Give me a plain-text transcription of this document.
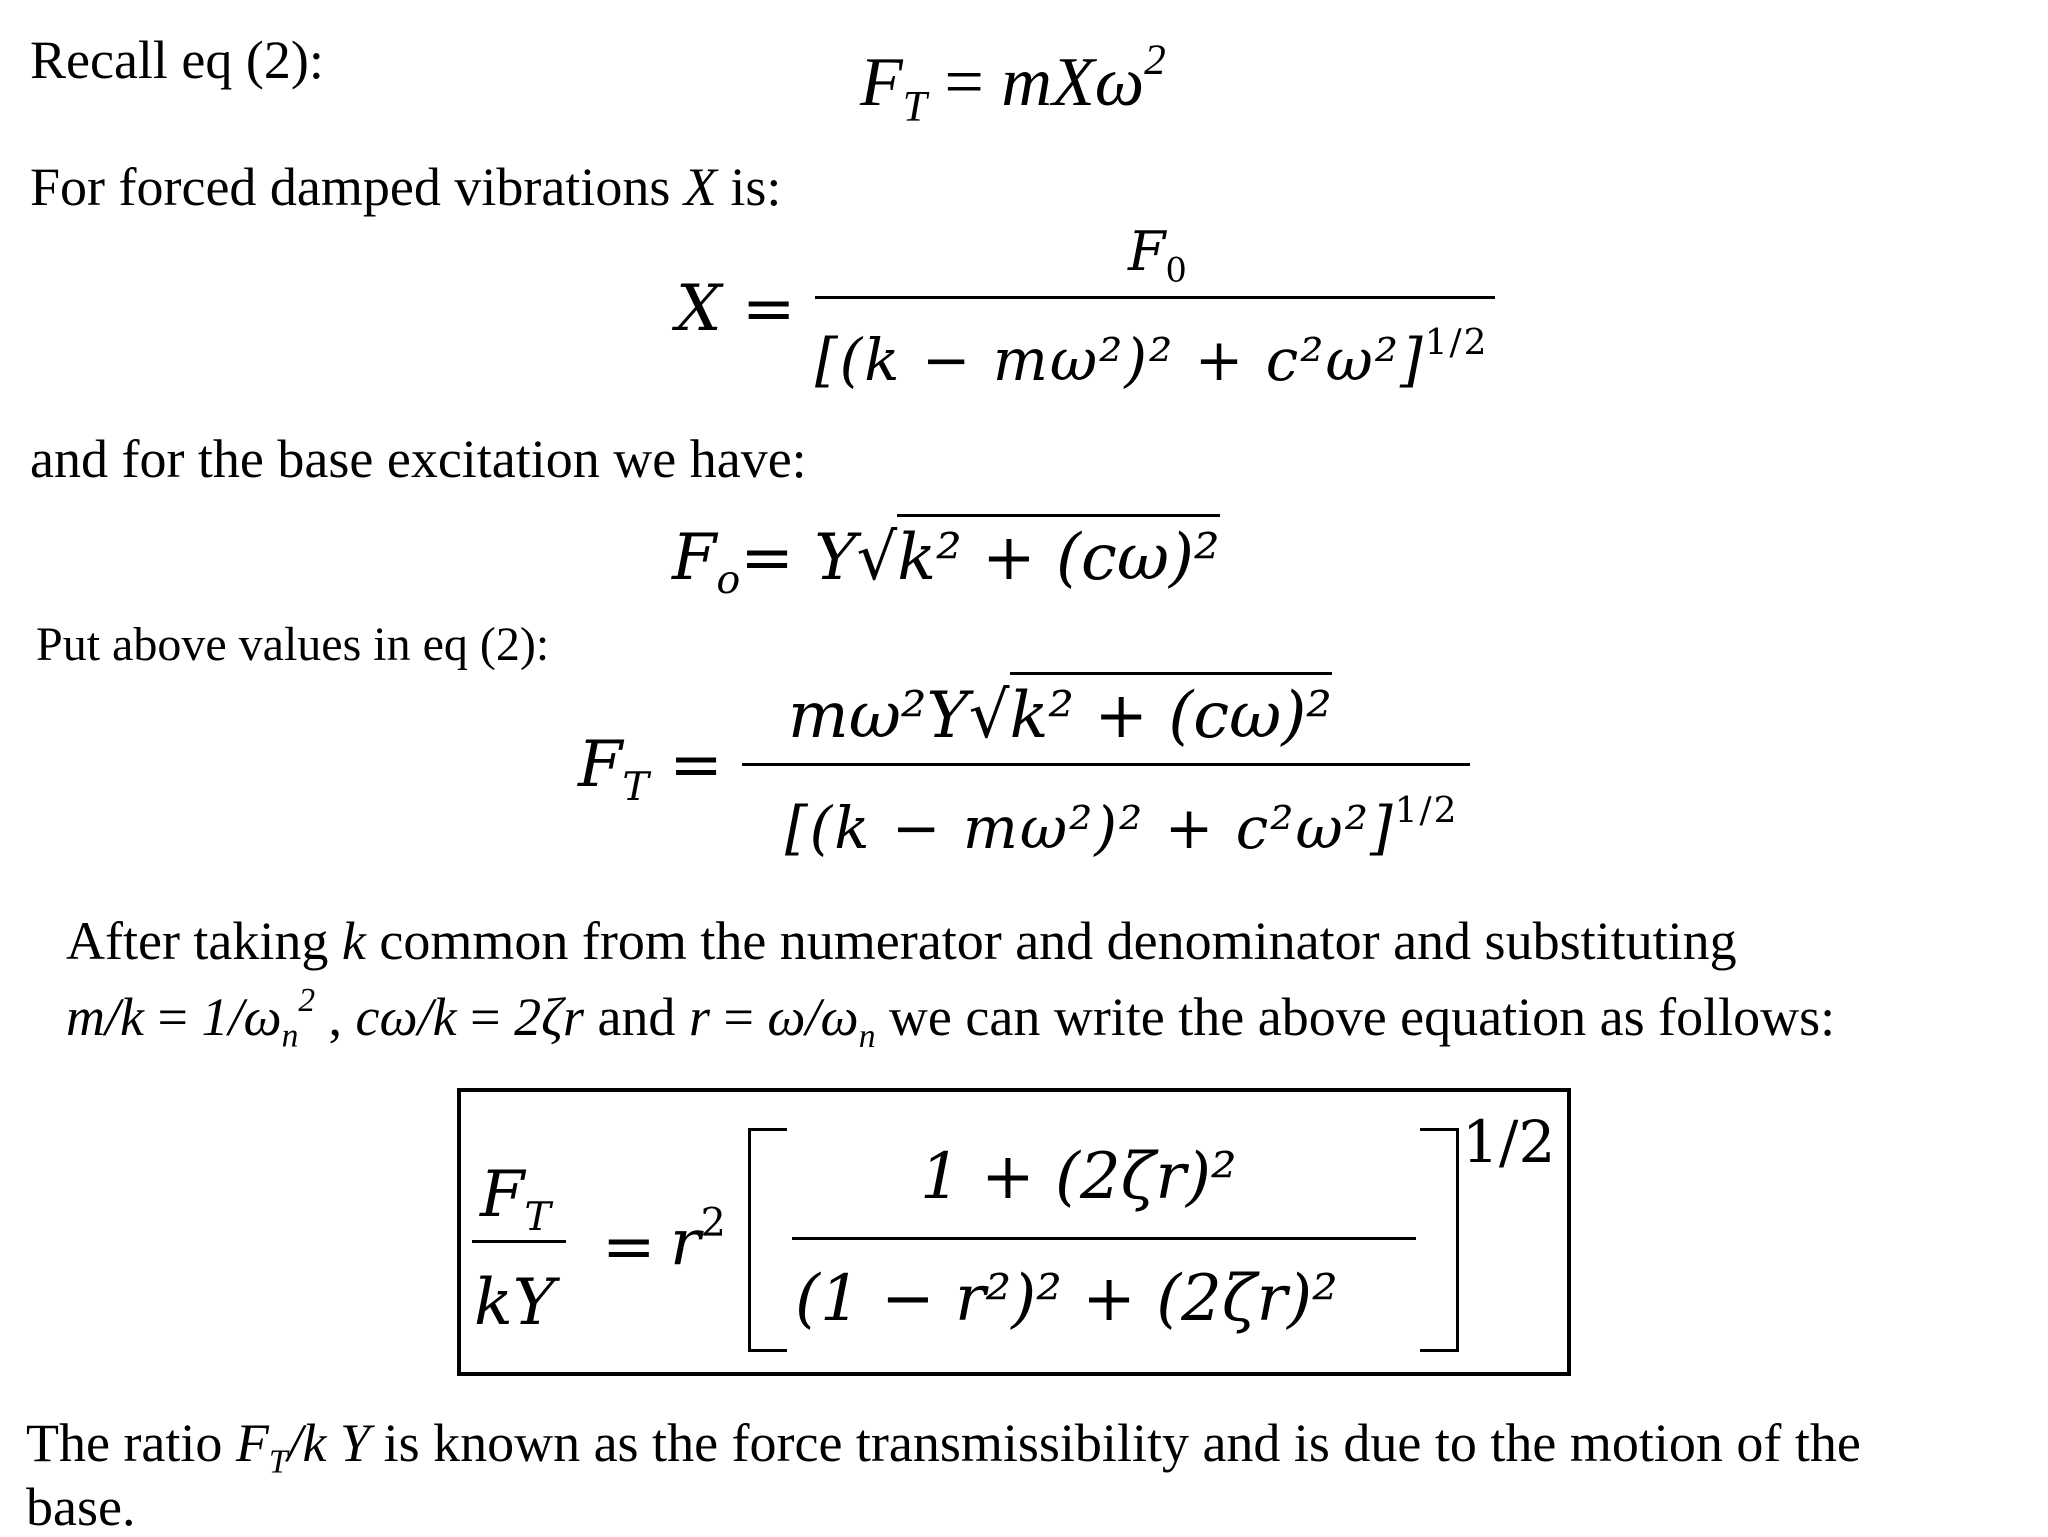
Recall eq (2):	$F_T = mX\omega^2$
For forced damped vibrations X is:
X =
$F_0$
$[(k - m\omega^2)^2 + c^2\omega^2]^{1/2}$
and for the base excitation we have:
$F_o= Y√k^2 + (c\omega)^2$
Put above values in eq (2):
$F_T$ =
mω²Y√k² + (cω)²
$[(k - m\omega^2)^2 + c^2\omega^2]^{1/2}$
After taking k common from the numerator and denominator and substituting
$m/k = 1/\omega_n^2$ , cω/k = 2ζr and $r = \omega/\omega_n$ we can write the above equation as follows:
$F_T$
kY
= $r^2$
1/2
1 + (2ζr)²
(1 − r²)² + (2ζr)²
The ratio $F_T/k$ Y is known as the force transmissibility and is due to the motion of the
base.
